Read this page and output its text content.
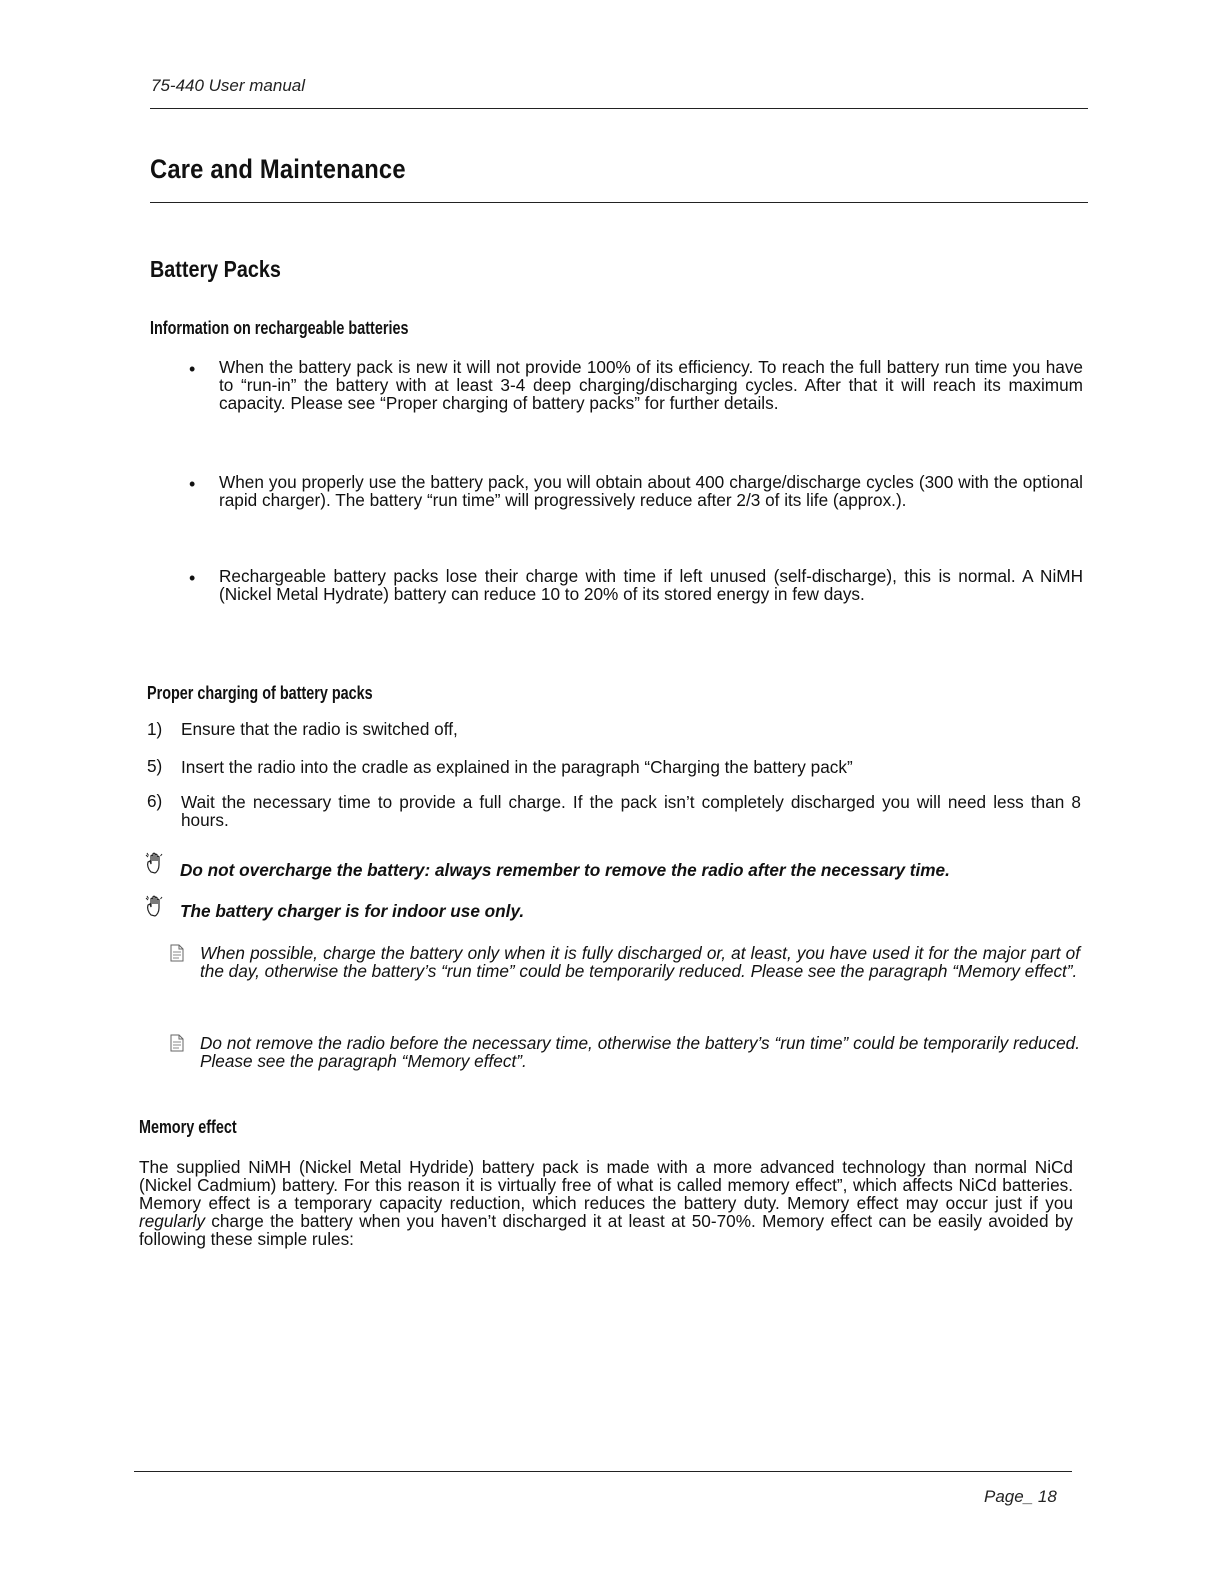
75-440 User manual
Care and Maintenance
Battery Packs
Information on rechargeable batteries
• When the battery pack is new it will not provide 100% of its efficiency. To reach the full battery run time you have to “run-in” the battery with at least 3-4 deep charging/discharging cycles. After that it will reach its maximum capacity. Please see “Proper charging of battery packs” for further details.
• When you properly use the battery pack, you will obtain about 400 charge/discharge cycles (300 with the optional rapid charger). The battery “run time” will progressively reduce after 2/3 of its life (approx.).
• Rechargeable battery packs lose their charge with time if left unused (self-discharge), this is normal. A NiMH (Nickel Metal Hydrate) battery can reduce 10 to 20% of its stored energy in few days.
Proper charging of battery packs
1) Ensure that the radio is switched off,
5) Insert the radio into the cradle as explained in the paragraph “Charging the battery pack”
6) Wait the necessary time to provide a full charge. If the pack isn’t completely discharged you will need less than 8 hours.
Do not overcharge the battery: always remember to remove the radio after the necessary time.
The battery charger is for indoor use only.
When possible, charge the battery only when it is fully discharged or, at least, you have used it for the major part of the day, otherwise the battery’s “run time” could be temporarily reduced. Please see the paragraph “Memory effect”.
Do not remove the radio before the necessary time, otherwise the battery’s “run time” could be temporarily reduced. Please see the paragraph “Memory effect”.
Memory effect
The supplied NiMH (Nickel Metal Hydride) battery pack is made with a more advanced technology than normal NiCd (Nickel Cadmium) battery. For this reason it is virtually free of what is called memory effect”, which affects NiCd batteries. Memory effect is a temporary capacity reduction, which reduces the battery duty. Memory effect may occur just if you regularly charge the battery when you haven’t discharged it at least at 50-70%. Memory effect can be easily avoided by following these simple rules:
Page_ 18
